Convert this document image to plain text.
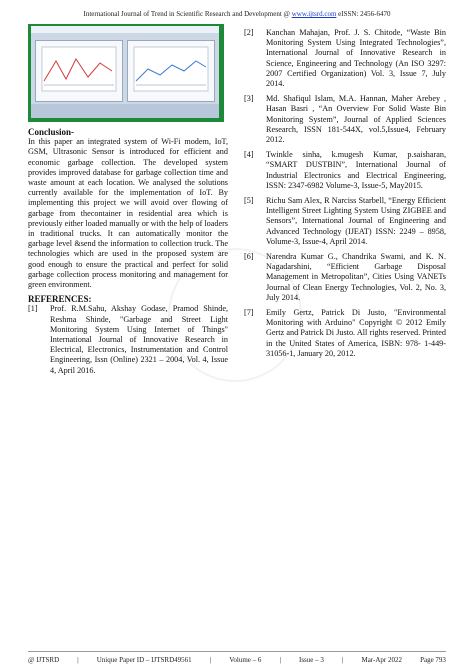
International Journal of Trend in Scientific Research and Development @ www.ijtsrd.com eISSN: 2456-6470

Conclusion-

In this paper an integrated system of Wi-Fi modem, IoT, GSM, Ultrasonic Sensor is introduced for efficient and economic garbage collection. The developed system provides improved database for garbage collection time and waste amount at each location. We analysed the solutions currently available for the implementation of IoT. By implementing this project we will avoid over flowing of garbage from thecontainer in residential area which is previously either loaded manually or with the help of loaders in traditional trucks. It can automatically monitor the garbage level &send the information to collection truck. The technologies which are used in the proposed system are good enough to ensure the practical and perfect for solid garbage collection process monitoring and management for green environment.

REFERENCES:

[1]	Prof. R.M.Sahu, Akshay Godase, Pramod Shinde, Reshma Shinde, "Garbage and Street Light Monitoring System Using Internet of Things" International Journal of Innovative Research in Electrical, Electronics, Instrumentation and Control Engineering, Issn (Online) 2321 – 2004, Vol. 4, Issue 4, April 2016.
[2]	Kanchan Mahajan, Prof. J. S. Chitode, “Waste Bin Monitoring System Using Integrated Technologies”, International Journal of Innovative Research in Science, Engineering and Technology (An ISO 3297: 2007 Certified Organization) Vol. 3, Issue 7, July 2014.
[3]	Md. Shafiqul Islam, M.A. Hannan, Maher Arebey , Hasan Basri , “An Overview For Solid Waste Bin Monitoring System”, Journal of Applied Sciences Research, ISSN 181-544X, vol.5,Issue4, February 2012.
[4]	Twinkle sinha, k.mugesh Kumar, p.saisharan, “SMART DUSTBIN”, International Journal of Industrial Electronics and Electrical Engineering, ISSN: 2347-6982 Volume-3, Issue-5, May2015.
[5]	Richu Sam Alex, R Narciss Starbell, “Energy Efficient Intelligent Street Lighting System Using ZIGBEE and Sensors”, International Journal of Engineering and Advanced Technology (IJEAT) ISSN: 2249 – 8958, Volume-3, Issue-4, April 2014.
[6]	Narendra Kumar G., Chandrika Swami, and K. N. Nagadarshini, “Efficient Garbage Disposal Management in Metropolitan”, Cities Using VANETs Journal of Clean Energy Technologies, Vol. 2, No. 3, July 2014.
[7]	Emily Gertz, Patrick Di Justo, "Environmental Monitoring with Arduino" Copyright © 2012 Emily Gertz and Patrick Di Justo. All rights reserved. Printed in the United States of America, ISBN: 978- 1-449-31056-1, January 20, 2012.
@ IJTSRD	|	Unique Paper ID – IJTSRD49561	|	Volume – 6	|	Issue – 3	|	Mar-Apr 2022	Page 793
